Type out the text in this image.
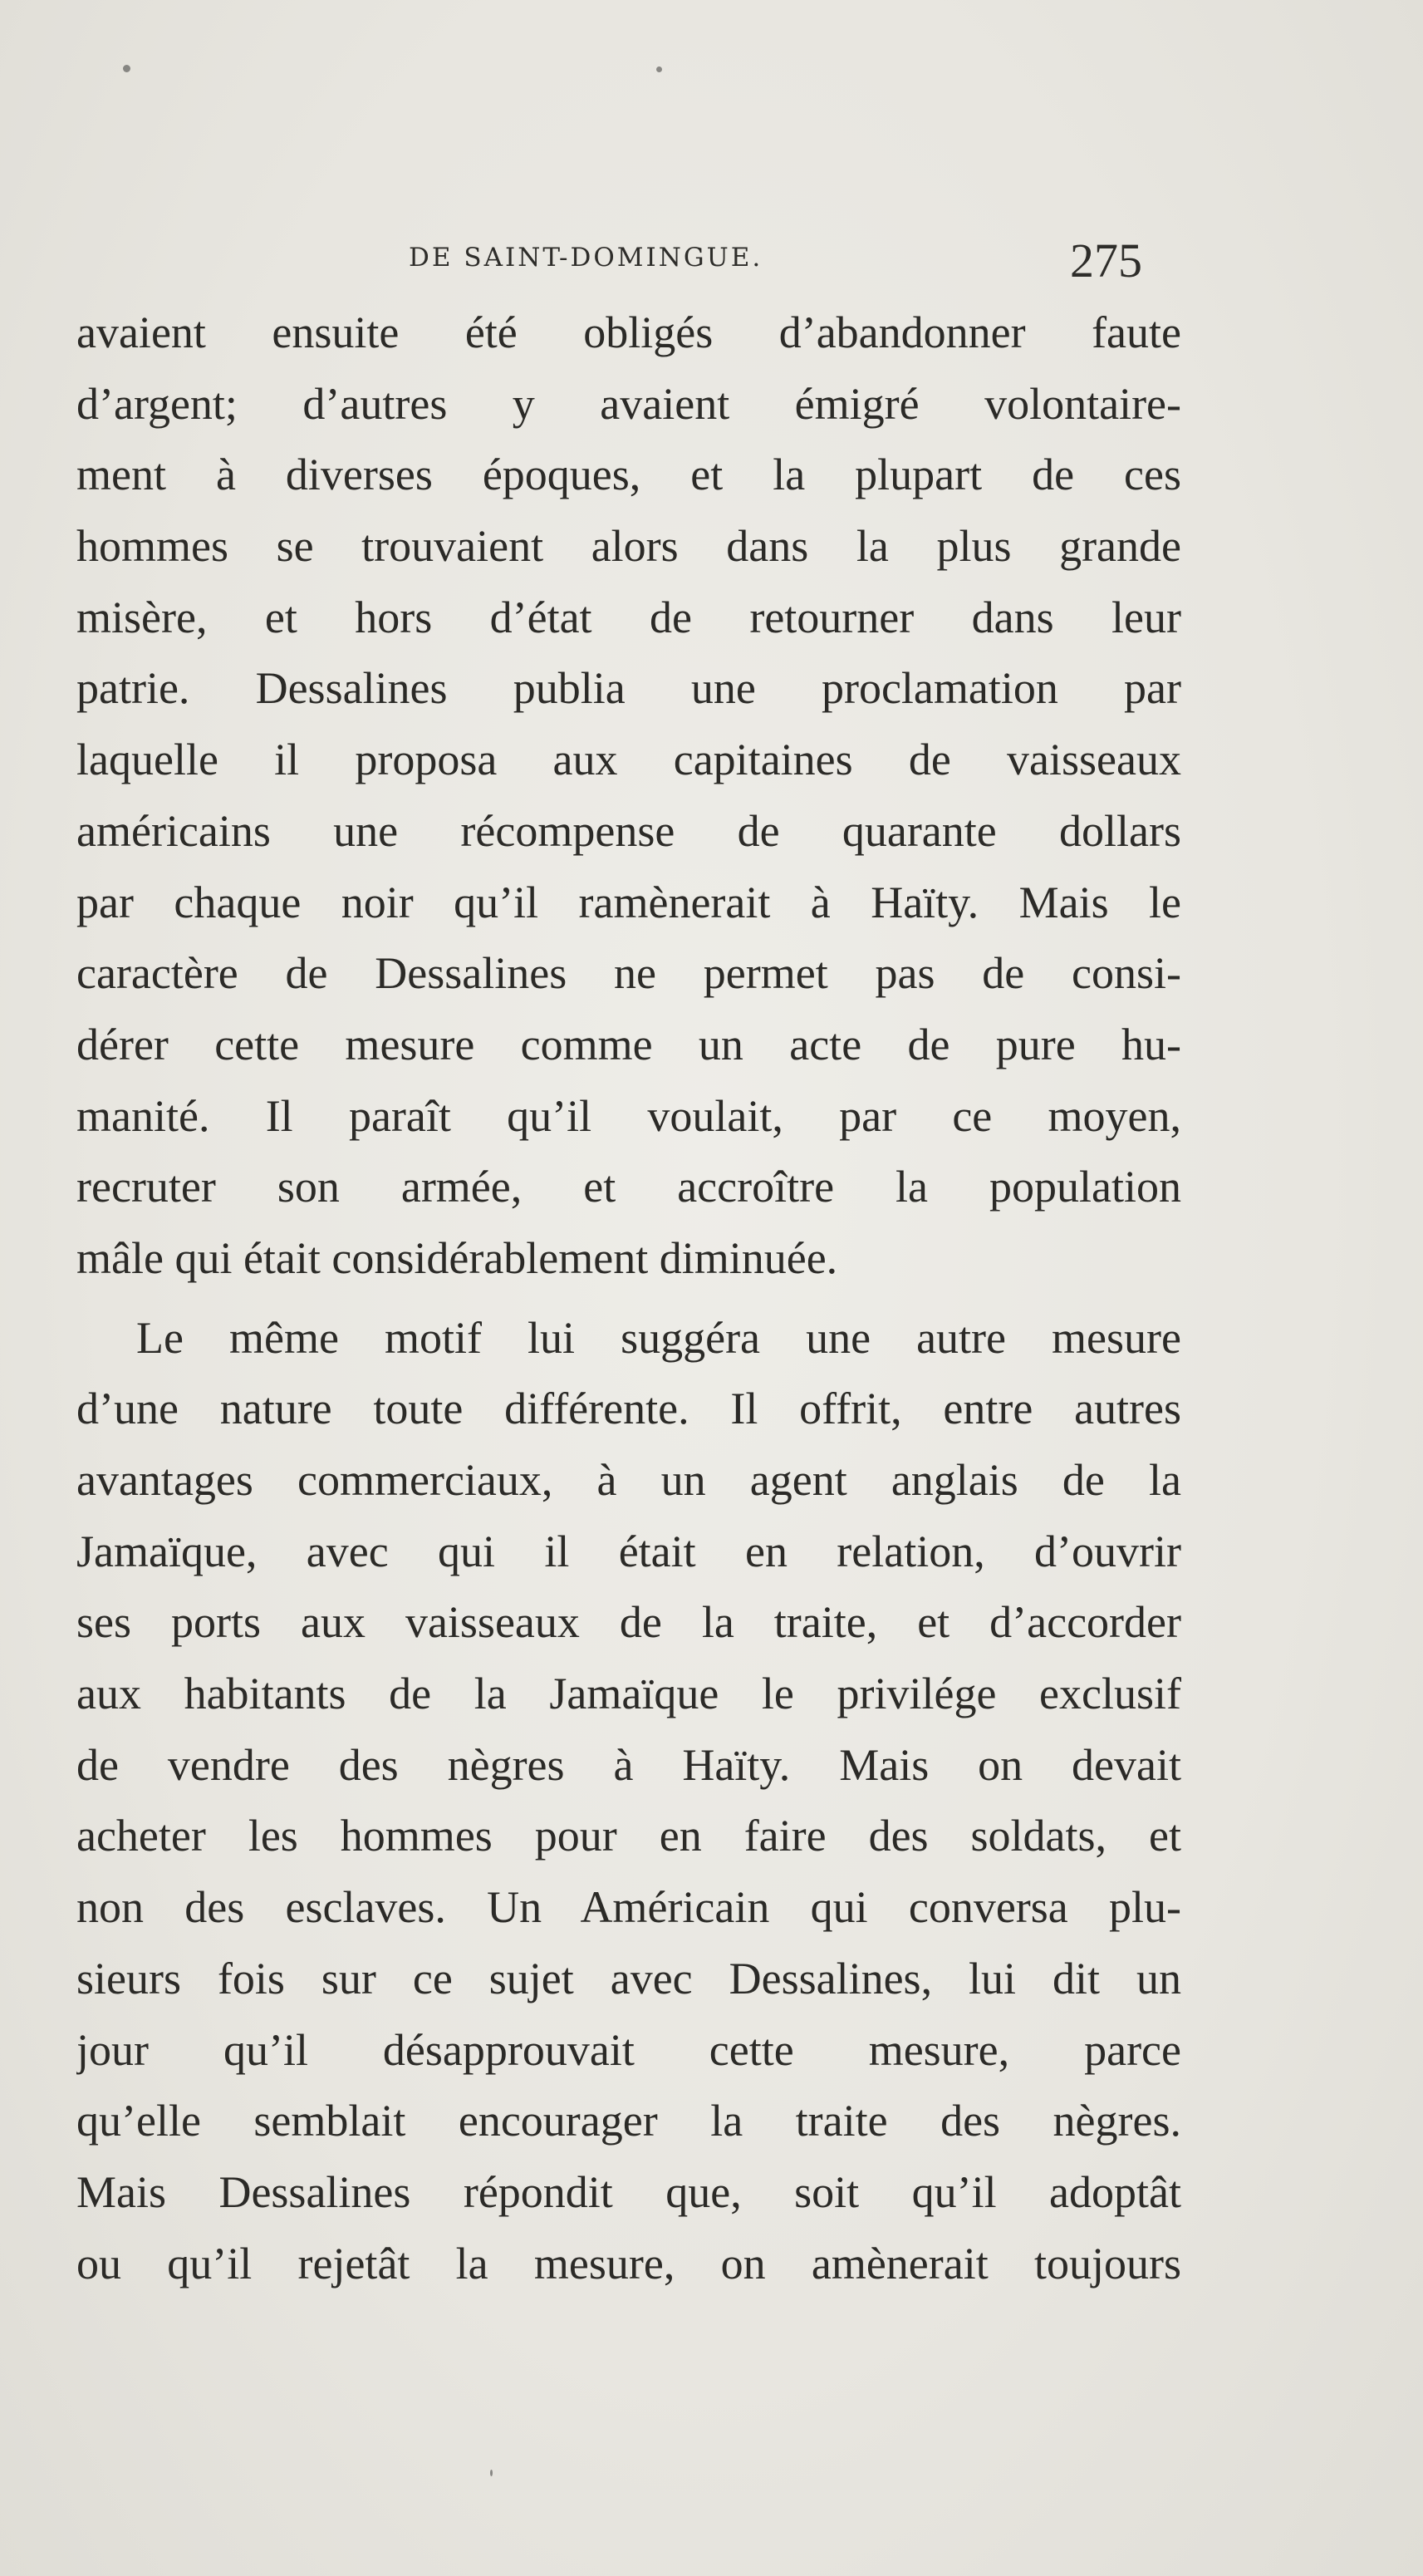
DE SAINT-DOMINGUE.	275
avaient ensuite été obligés d’abandonner faute
d’argent; d’autres y avaient émigré volontaire-
ment à diverses époques, et la plupart de ces
hommes se trouvaient alors dans la plus grande
misère, et hors d’état de retourner dans leur
patrie. Dessalines publia une proclamation par
laquelle il proposa aux capitaines de vaisseaux
américains une récompense de quarante dollars
par chaque noir qu’il ramènerait à Haïty. Mais le
caractère de Dessalines ne permet pas de consi-
dérer cette mesure comme un acte de pure hu-
manité. Il paraît qu’il voulait, par ce moyen,
recruter son armée, et accroître la population
mâle qui était considérablement diminuée.
Le même motif lui suggéra une autre mesure
d’une nature toute différente. Il offrit, entre autres
avantages commerciaux, à un agent anglais de la
Jamaïque, avec qui il était en relation, d’ouvrir
ses ports aux vaisseaux de la traite, et d’accorder
aux habitants de la Jamaïque le privilége exclusif
de vendre des nègres à Haïty. Mais on devait
acheter les hommes pour en faire des soldats, et
non des esclaves. Un Américain qui conversa plu-
sieurs fois sur ce sujet avec Dessalines, lui dit un
jour qu’il désapprouvait cette mesure, parce
qu’elle semblait encourager la traite des nègres.
Mais Dessalines répondit que, soit qu’il adoptât
ou qu’il rejetât la mesure, on amènerait toujours
